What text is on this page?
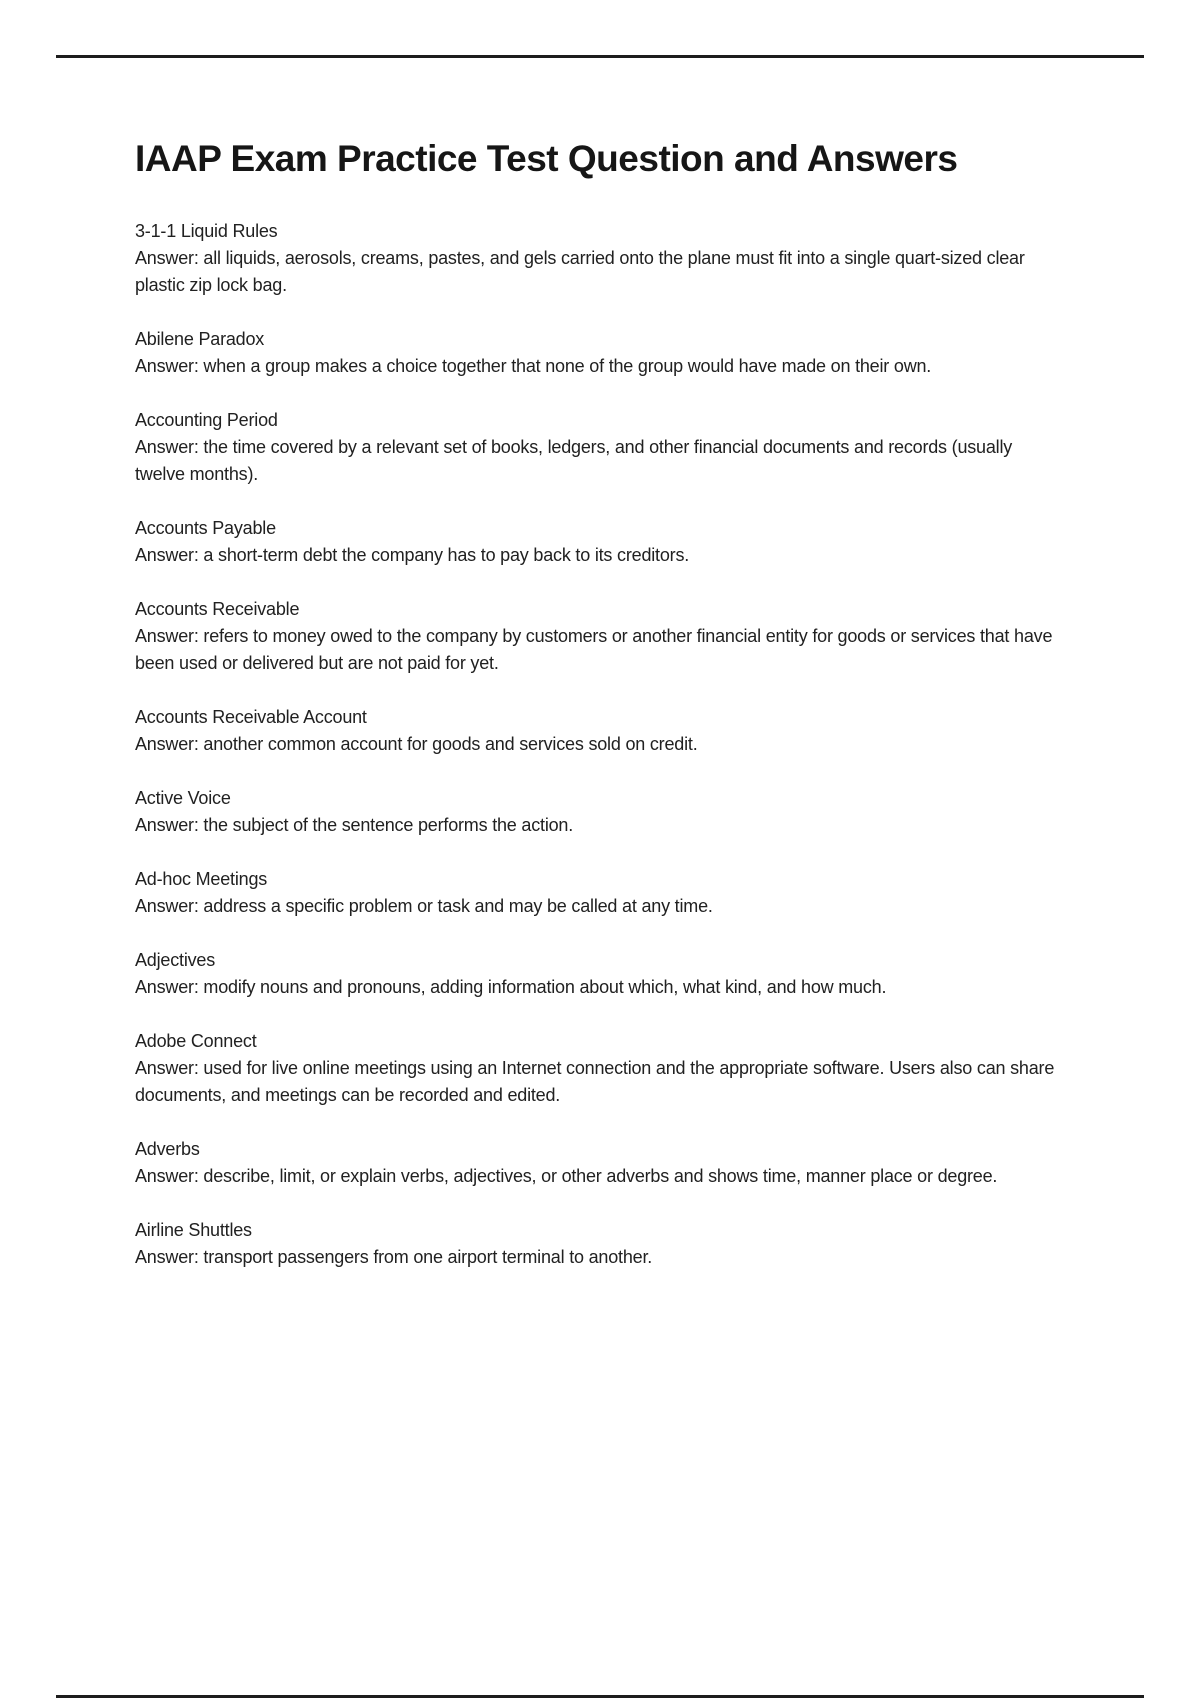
IAAP Exam Practice Test Question and Answers

3-1-1 Liquid Rules

Answer: all liquids, aerosols, creams, pastes, and gels carried onto the plane must fit into a single quart-sized clear plastic zip lock bag.

Abilene Paradox

Answer: when a group makes a choice together that none of the group would have made on their own.

Accounting Period

Answer: the time covered by a relevant set of books, ledgers, and other financial documents and records (usually twelve months).

Accounts Payable

Answer: a short-term debt the company has to pay back to its creditors.

Accounts Receivable

Answer: refers to money owed to the company by customers or another financial entity for goods or services that have been used or delivered but are not paid for yet.

Accounts Receivable Account

Answer: another common account for goods and services sold on credit.

Active Voice

Answer: the subject of the sentence performs the action.

Ad-hoc Meetings

Answer: address a specific problem or task and may be called at any time.

Adjectives

Answer: modify nouns and pronouns, adding information about which, what kind, and how much.

Adobe Connect

Answer: used for live online meetings using an Internet connection and the appropriate software. Users also can share documents, and meetings can be recorded and edited.

Adverbs

Answer: describe, limit, or explain verbs, adjectives, or other adverbs and shows time, manner place or degree.

Airline Shuttles

Answer: transport passengers from one airport terminal to another.
